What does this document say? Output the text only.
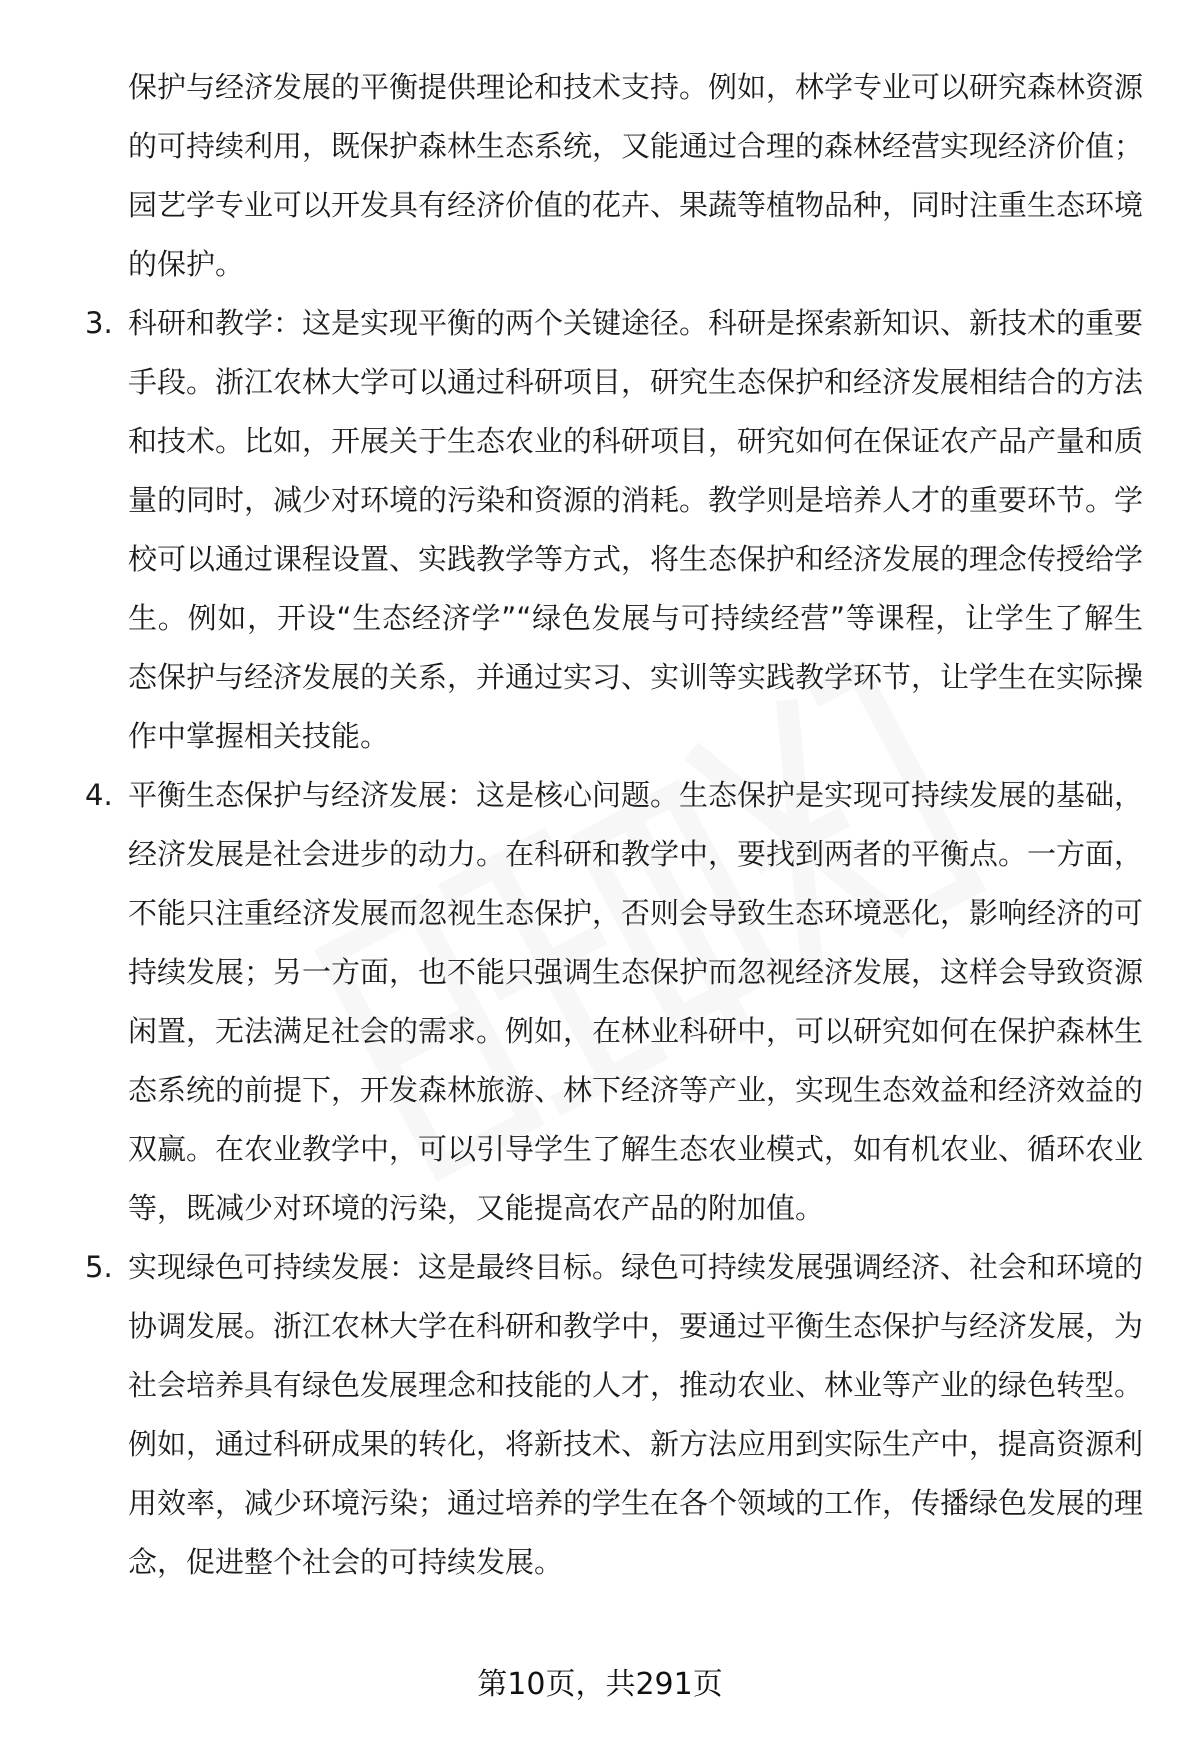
保护与经济发展的平衡提供理论和技术支持。例如，林学专业可以研究森林资源的可持续利用，既保护森林生态系统，又能通过合理的森林经营实现经济价值；园艺学专业可以开发具有经济价值的花卉、果蔬等植物品种，同时注重生态环境的保护。

3. 科研和教学：这是实现平衡的两个关键途径。科研是探索新知识、新技术的重要手段。浙江农林大学可以通过科研项目，研究生态保护和经济发展相结合的方法和技术。比如，开展关于生态农业的科研项目，研究如何在保证农产品产量和质量的同时，减少对环境的污染和资源的消耗。教学则是培养人才的重要环节。学校可以通过课程设置、实践教学等方式，将生态保护和经济发展的理念传授给学生。例如，开设“生态经济学”“绿色发展与可持续经营”等课程，让学生了解生态保护与经济发展的关系，并通过实习、实训等实践教学环节，让学生在实际操作中掌握相关技能。
4. 平衡生态保护与经济发展：这是核心问题。生态保护是实现可持续发展的基础，经济发展是社会进步的动力。在科研和教学中，要找到两者的平衡点。一方面，不能只注重经济发展而忽视生态保护，否则会导致生态环境恶化，影响经济的可持续发展；另一方面，也不能只强调生态保护而忽视经济发展，这样会导致资源闲置，无法满足社会的需求。例如，在林业科研中，可以研究如何在保护森林生态系统的前提下，开发森林旅游、林下经济等产业，实现生态效益和经济效益的双赢。在农业教学中，可以引导学生了解生态农业模式，如有机农业、循环农业等，既减少对环境的污染，又能提高农产品的附加值。
5. 实现绿色可持续发展：这是最终目标。绿色可持续发展强调经济、社会和环境的协调发展。浙江农林大学在科研和教学中，要通过平衡生态保护与经济发展，为社会培养具有绿色发展理念和技能的人才，推动农业、林业等产业的绿色转型。例如，通过科研成果的转化，将新技术、新方法应用到实际生产中，提高资源利用效率，减少环境污染；通过培养的学生在各个领域的工作，传播绿色发展的理念，促进整个社会的可持续发展。
第10页，共291页
